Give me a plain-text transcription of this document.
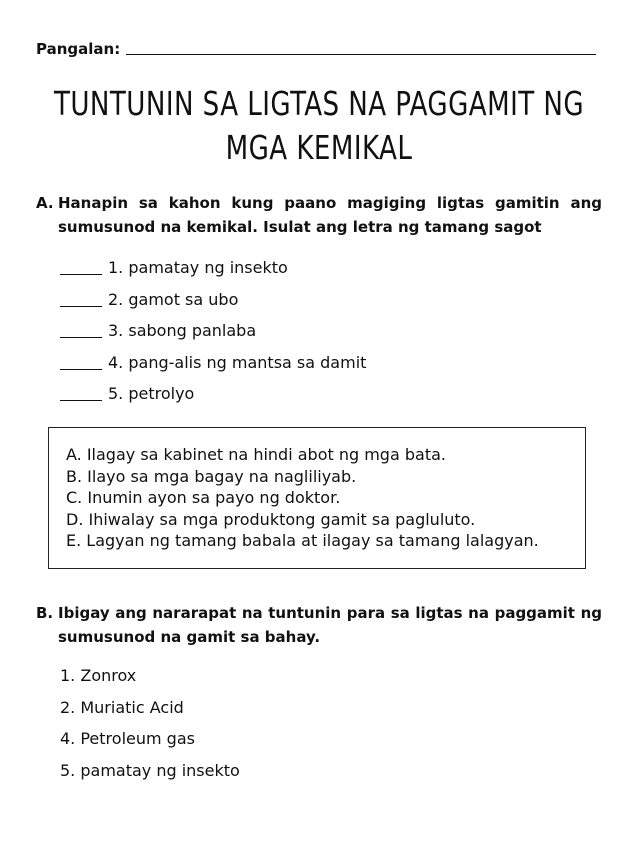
Pangalan:
TUNTUNIN SA LIGTAS NA PAGGAMIT NG
MGA KEMIKAL
A. Hanapin sa kahon kung paano magiging ligtas gamitin ang sumusunod na kemikal. Isulat ang letra ng tamang sagot
1. pamatay ng insekto
2. gamot sa ubo
3. sabong panlaba
4. pang-alis ng mantsa sa damit
5. petrolyo
A. Ilagay sa kabinet na hindi abot ng mga bata.
B. Ilayo sa mga bagay na nagliliyab.
C. Inumin ayon sa payo ng doktor.
D. Ihiwalay sa mga produktong gamit sa pagluluto.
E. Lagyan ng tamang babala at ilagay sa tamang lalagyan.
B. Ibigay ang nararapat na tuntunin para sa ligtas na paggamit ng sumusunod na gamit sa bahay.
1. Zonrox
2. Muriatic Acid
4. Petroleum gas
5. pamatay ng insekto
